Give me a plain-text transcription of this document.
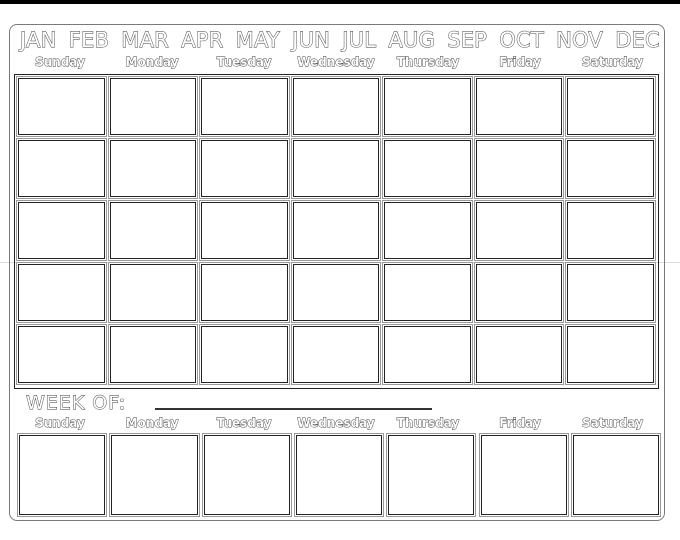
JAN FEB MAR APR MAY JUN JUL AUG SEP OCT NOV DEC
Sunday	Monday	Tuesday	Wednesday	Thursday	Friday	Saturday
WEEK OF:
Sunday	Monday	Tuesday	Wednesday	Thursday	Friday	Saturday
